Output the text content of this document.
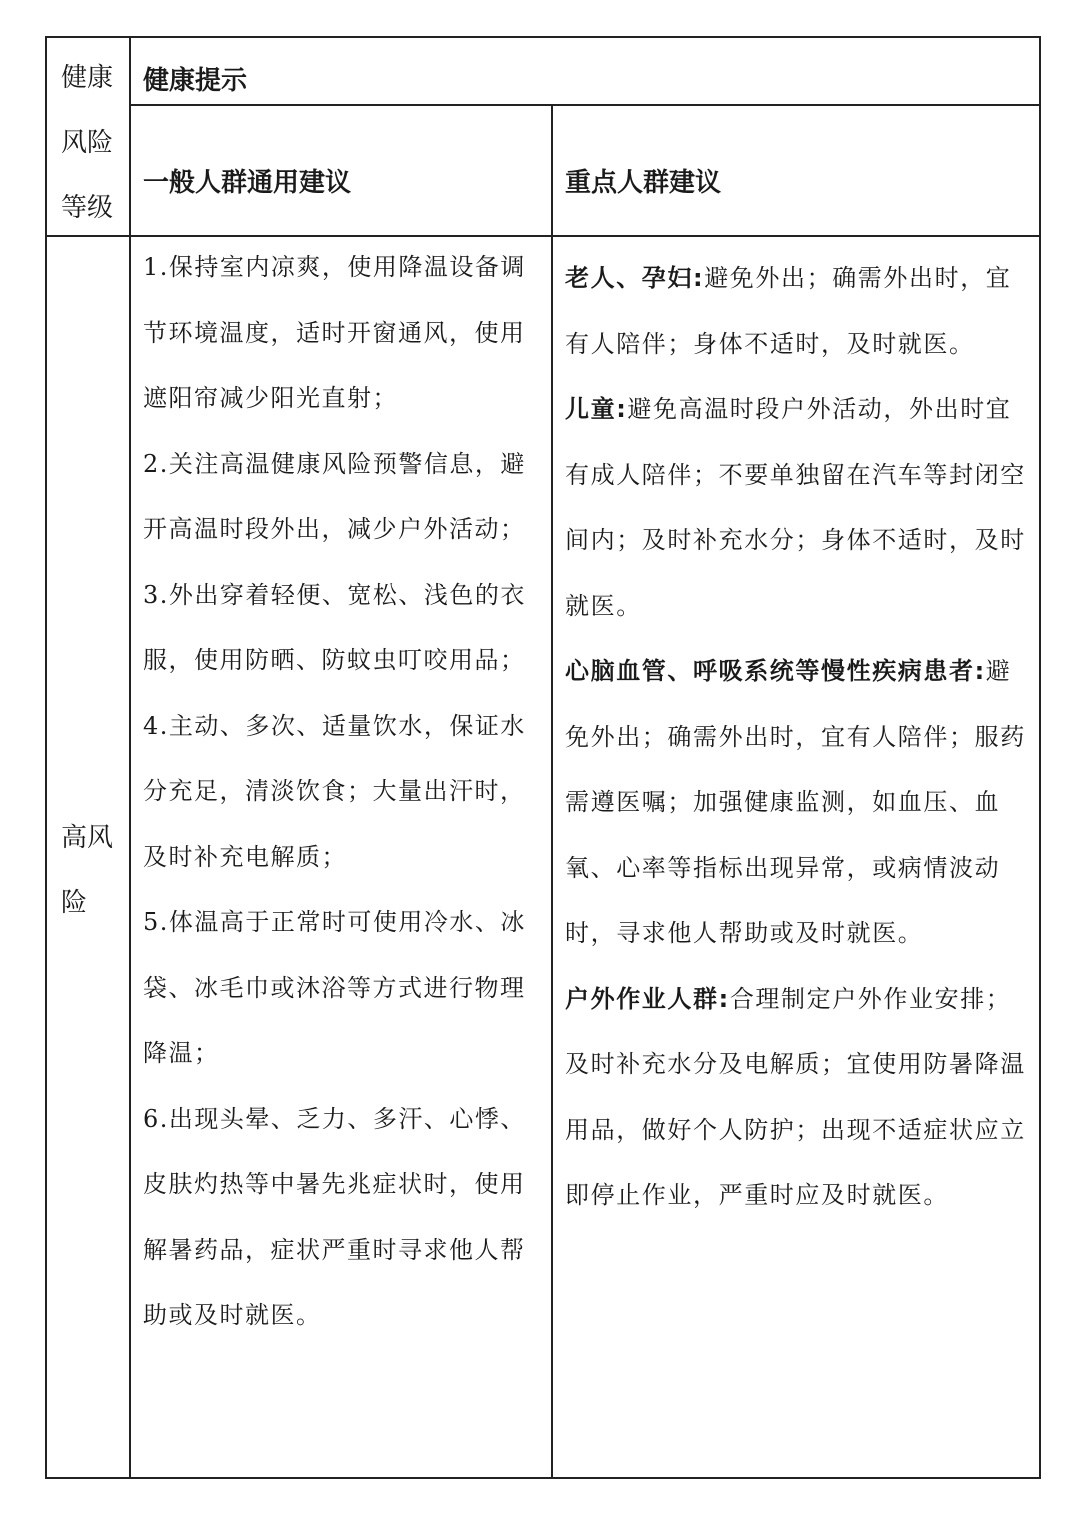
健康
风险
等级
健康提示
一般人群通用建议	重点人群建议
高风
险

1.保持室内凉爽，使用降温设备调节环境温度，适时开窗通风，使用遮阳帘减少阳光直射；

2.关注高温健康风险预警信息，避开高温时段外出，减少户外活动；

3.外出穿着轻便、宽松、浅色的衣服，使用防晒、防蚊虫叮咬用品；

4.主动、多次、适量饮水，保证水分充足，清淡饮食；大量出汗时，及时补充电解质；

5.体温高于正常时可使用冷水、冰袋、冰毛巾或沐浴等方式进行物理降温；

6.出现头晕、乏力、多汗、心悸、皮肤灼热等中暑先兆症状时，使用解暑药品，症状严重时寻求他人帮助或及时就医。

老人、孕妇:避免外出；确需外出时，宜有人陪伴；身体不适时，及时就医。

儿童:避免高温时段户外活动，外出时宜有成人陪伴；不要单独留在汽车等封闭空间内；及时补充水分；身体不适时，及时就医。

心脑血管、呼吸系统等慢性疾病患者:避免外出；确需外出时，宜有人陪伴；服药需遵医嘱；加强健康监测，如血压、血氧、心率等指标出现异常，或病情波动时，寻求他人帮助或及时就医。

户外作业人群:合理制定户外作业安排；及时补充水分及电解质；宜使用防暑降温用品，做好个人防护；出现不适症状应立即停止作业，严重时应及时就医。
